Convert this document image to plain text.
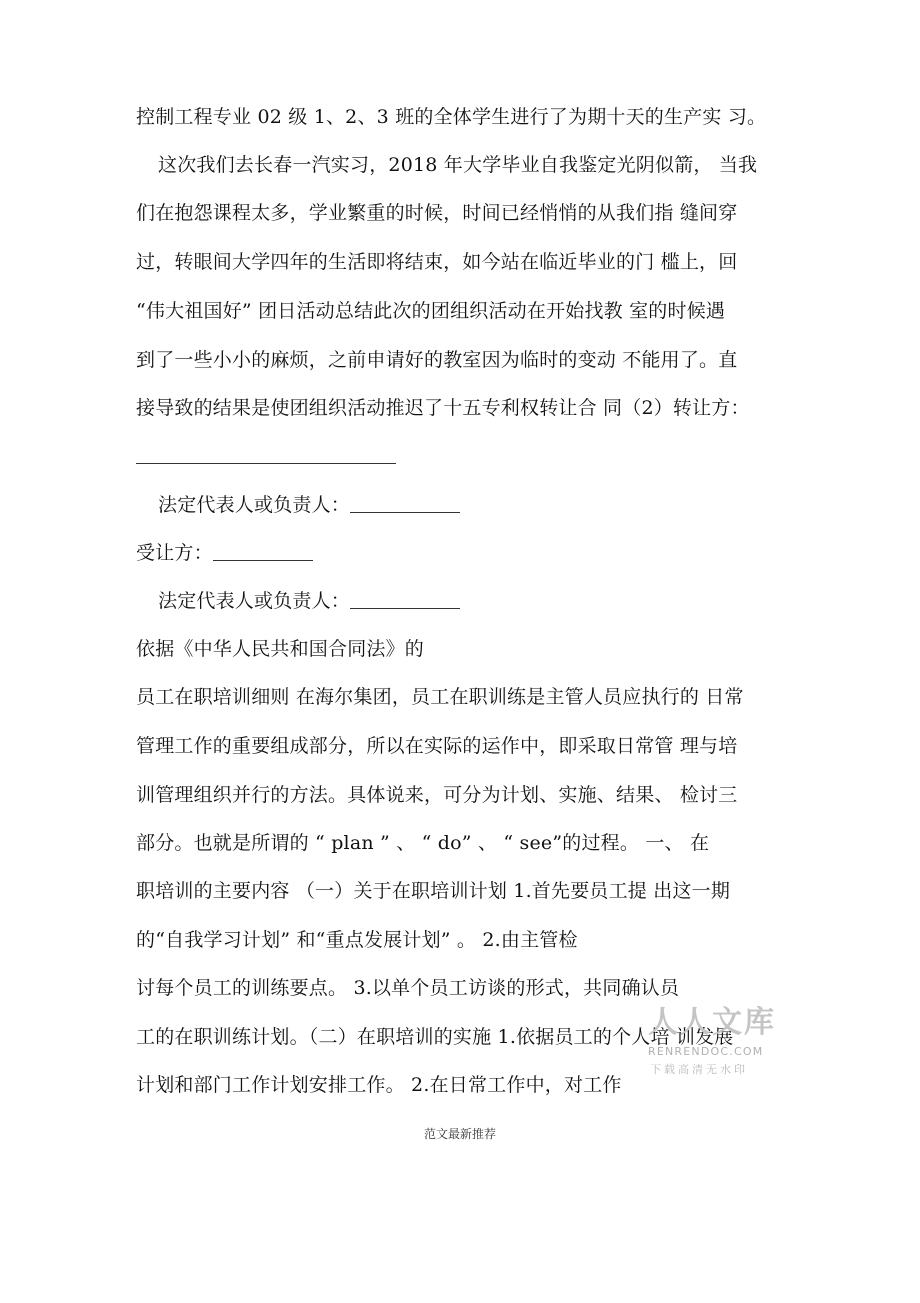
控制工程专业 02 级 1、2、3 班的全体学生进行了为期十天的生产实 习。
这次我们去长春一汽实习，2018 年大学毕业自我鉴定光阴似箭， 当我
们在抱怨课程太多，学业繁重的时候，时间已经悄悄的从我们指 缝间穿
过，转眼间大学四年的生活即将结束，如今站在临近毕业的门 槛上，回
“伟大祖国好” 团日活动总结此次的团组织活动在开始找教 室的时候遇
到了一些小小的麻烦，之前申请好的教室因为临时的变动 不能用了。直
接导致的结果是使团组织活动推迟了十五专利权转让合 同（2）转让方：
法定代表人或负责人：
受让方：
法定代表人或负责人：
依据《中华人民共和国合同法》的
员工在职培训细则 在海尔集团，员工在职训练是主管人员应执行的 日常
管理工作的重要组成部分，所以在实际的运作中，即采取日常管 理与培
训管理组织并行的方法。具体说来，可分为计划、实施、结果、 检讨三
部分。也就是所谓的 “ plan ” 、 “ do” 、 “ see”的过程。 一、 在
职培训的主要内容 （一）关于在职培训计划 1.首先要员工提 出这一期
的“自我学习计划” 和“重点发展计划” 。 2.由主管检
讨每个员工的训练要点。 3.以单个员工访谈的形式，共同确认员
工的在职训练计划。（二）在职培训的实施 1.依据员工的个人培 训发展
计划和部门工作计划安排工作。 2.在日常工作中，对工作
人人文库
RENRENDOC.COM
下载高清无水印
范文最新推荐
